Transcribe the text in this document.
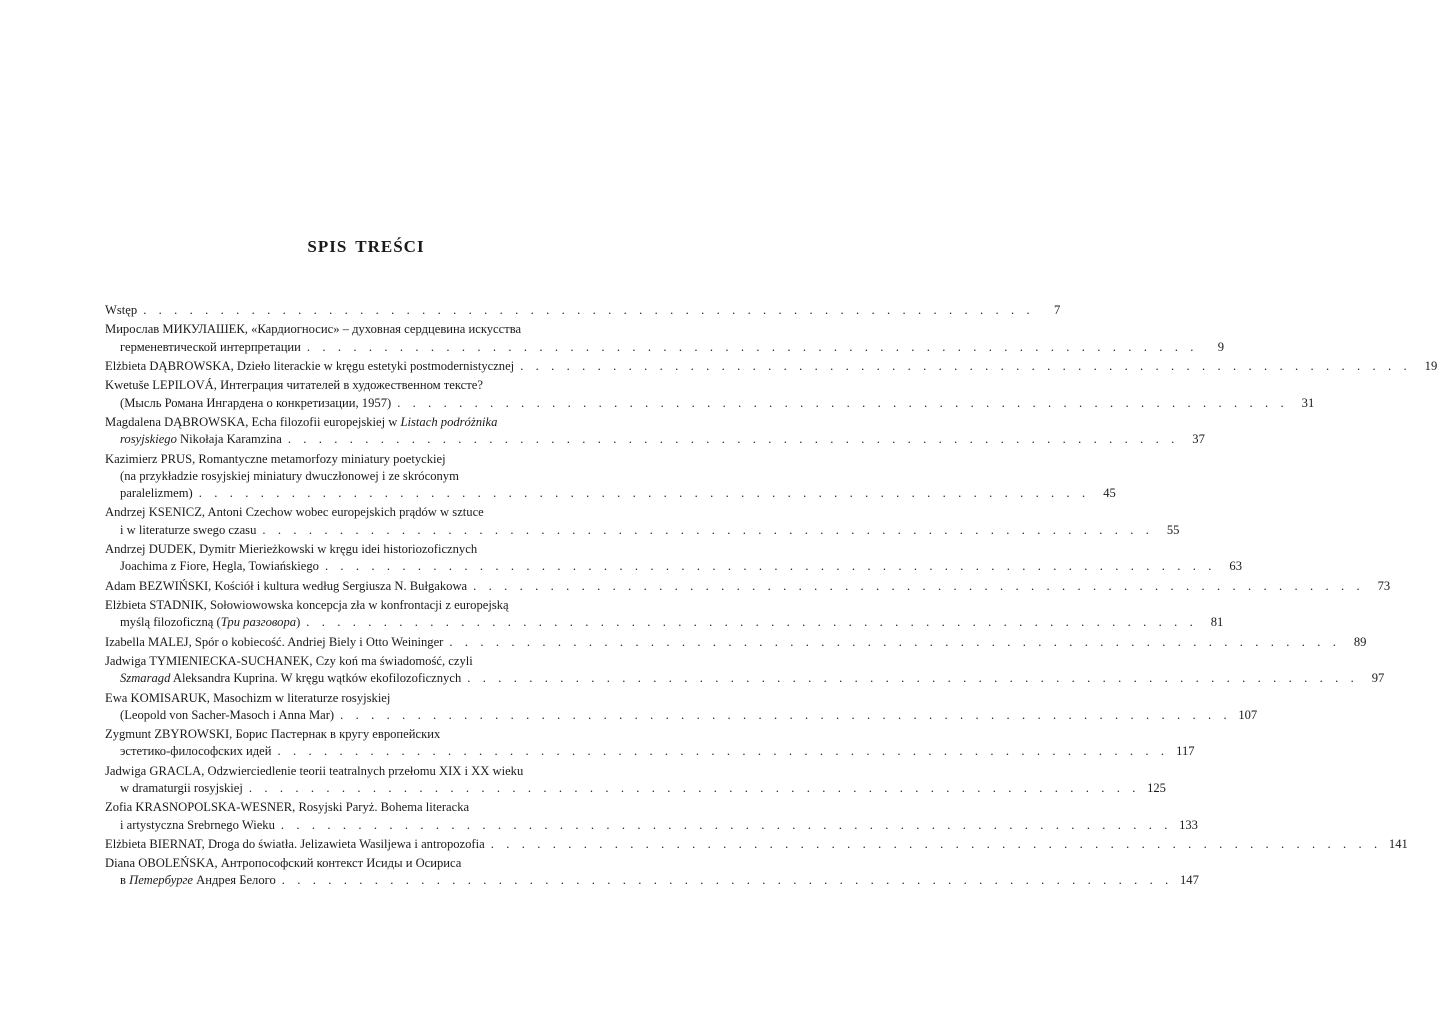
SPIS TREŚCI
Wstęp . . . . . . . . . . . . . . . . . . . . . . . . . . . . . . . . . . . . . . . . . . . . . . . . . . . . . . . . . .	7
Мирослав МИКУЛАШЕК, «Кардиогносис» – духовная сердцевина искусства
герменевтической интерпретации . . . . . . . . . . . . . . . . . . . . . . . . . . . . . . . . . . . . . . . . . . . . . . . . . . . . . . . . . .	9
Elżbieta DĄBROWSKA, Dzieło literackie w kręgu estetyki postmodernistycznej . . . . . . . . . . . . . . . . . . . . . . . . . . . . . . . . . . . . . . . . . . . . . . . . . . . . . . . . . .	19
Kwetuše LEPILOVÁ, Интеграция читателей в художественном тексте?
(Мысль Романа Ингардена о конкретизации, 1957) . . . . . . . . . . . . . . . . . . . . . . . . . . . . . . . . . . . . . . . . . . . . . . . . . . . . . . . . . .	31
Magdalena DĄBROWSKA, Echa filozofii europejskiej w Listach podróżnika
rosyjskiego Nikołaja Karamzina . . . . . . . . . . . . . . . . . . . . . . . . . . . . . . . . . . . . . . . . . . . . . . . . . . . . . . . . . .	37
Kazimierz PRUS, Romantyczne metamorfozy miniatury poetyckiej
(na przykładzie rosyjskiej miniatury dwuczłonowej i ze skróconym
paralelizmem) . . . . . . . . . . . . . . . . . . . . . . . . . . . . . . . . . . . . . . . . . . . . . . . . . . . . . . . . . .	45
Andrzej KSENICZ, Antoni Czechow wobec europejskich prądów w sztuce
i w literaturze swego czasu . . . . . . . . . . . . . . . . . . . . . . . . . . . . . . . . . . . . . . . . . . . . . . . . . . . . . . . . . .	55
Andrzej DUDEK, Dymitr Mierieżkowski w kręgu idei historiozoficznych
Joachima z Fiore, Hegla, Towiańskiego . . . . . . . . . . . . . . . . . . . . . . . . . . . . . . . . . . . . . . . . . . . . . . . . . . . . . . . . . .	63
Adam BEZWIŃSKI, Kościół i kultura według Sergiusza N. Bułgakowa . . . . . . . . . . . . . . . . . . . . . . . . . . . . . . . . . . . . . . . . . . . . . . . . . . . . . . . . . .	73
Elżbieta STADNIK, Sołowiowowska koncepcja zła w konfrontacji z europejską
myślą filozoficzną (Три разговора) . . . . . . . . . . . . . . . . . . . . . . . . . . . . . . . . . . . . . . . . . . . . . . . . . . . . . . . . . .	81
Izabella MALEJ, Spór o kobiecość. Andriej Biely i Otto Weininger . . . . . . . . . . . . . . . . . . . . . . . . . . . . . . . . . . . . . . . . . . . . . . . . . . . . . . . . . .	89
Jadwiga TYMIENIECKA-SUCHANEK, Czy koń ma świadomość, czyli
Szmaragd Aleksandra Kuprina. W kręgu wątków ekofilozoficznych . . . . . . . . . . . . . . . . . . . . . . . . . . . . . . . . . . . . . . . . . . . . . . . . . . . . . . . . . .	97
Ewa KOMISARUK, Masochizm w literaturze rosyjskiej
(Leopold von Sacher-Masoch i Anna Mar) . . . . . . . . . . . . . . . . . . . . . . . . . . . . . . . . . . . . . . . . . . . . . . . . . . . . . . . . . . 107
Zygmunt ZBYROWSKI, Борис Пастернак в кругу европейских
эстетико-философских идей . . . . . . . . . . . . . . . . . . . . . . . . . . . . . . . . . . . . . . . . . . . . . . . . . . . . . . . . . . 117
Jadwiga GRACLA, Odzwierciedlenie teorii teatralnych przełomu XIX i XX wieku
w dramaturgii rosyjskiej . . . . . . . . . . . . . . . . . . . . . . . . . . . . . . . . . . . . . . . . . . . . . . . . . . . . . . . . . . 125
Zofia KRASNOPOLSKA-WESNER, Rosyjski Paryż. Bohema literacka
i artystyczna Srebrnego Wieku . . . . . . . . . . . . . . . . . . . . . . . . . . . . . . . . . . . . . . . . . . . . . . . . . . . . . . . . . . 133
Elżbieta BIERNAT, Droga do światła. Jelizawieta Wasiljewa i antropozofia . . . . . . . . . . . . . . . . . . . . . . . . . . . . . . . . . . . . . . . . . . . . . . . . . . . . . . . . . . 141
Diana OBOLEŃSKA, Антропософский контекст Исиды и Осириса
в Петербурге Андрея Белого . . . . . . . . . . . . . . . . . . . . . . . . . . . . . . . . . . . . . . . . . . . . . . . . . . . . . . . . . . 147
